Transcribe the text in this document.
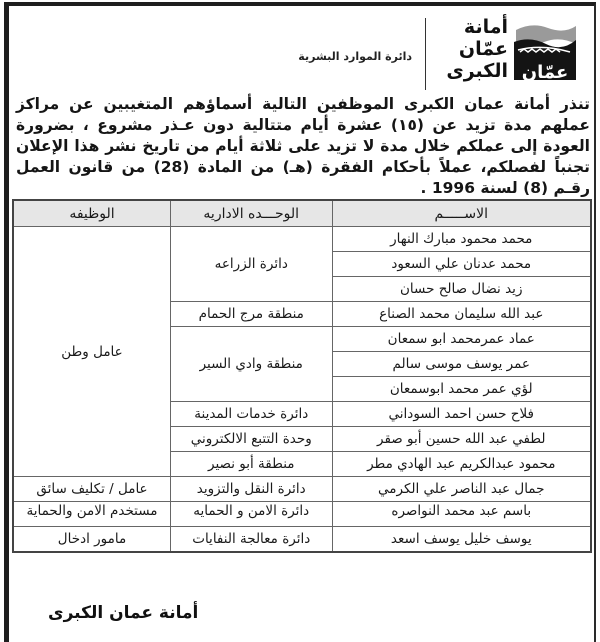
عمّان
أمانة
عمّان
الكبرى
دائرة الموارد البشرية
تنذر أمانة عمان الكبرى الموظفين التالية أسماؤهم المتغيبين عن مراكز عملهم مدة تزيد عن (١٥) عشرة أيام متتالية دون عـذر مشروع ، بضرورة العودة إلى عملكم خلال مدة لا تزيد على ثلاثة أيام من تاريخ نشر هذا الإعلان تجنباً لفصلكم، عملاً بأحكام الفقرة (هـ) من المادة (28) من قانون العمل رقـم (8) لسنة 1996 .
الاســـــم	الوحـــده الاداريه	الوظيفه
محمد محمود مبارك النهار	دائرة الزراعه	عامل وطن
محمد عدنان علي السعود		
زيد نضال صالح حسان		
عبد الله سليمان محمد الصناع	منطقة مرج الحمام	
عماد عمرمحمد ابو سمعان	منطقة وادي السير	
عمر يوسف موسى سالم		
لؤي عمر محمد ابوسمعان		
فلاح حسن احمد السوداني	دائرة خدمات المدينة	
لطفي عبد الله حسين أبو صقر	وحدة التتبع الالكتروني	
محمود عبدالكريم عبد الهادي مطر	منطقة أبو نصير	
جمال عبد الناصر علي الكرمي	دائرة النقل والتزويد	عامل / تكليف سائق
باسم عبد محمد النواصره	دائرة الامن و الحمايه	مستخدم الامن والحماية
يوسف خليل يوسف اسعد	دائرة معالجة النفايات	مامور ادخال
أمانة عمان الكبرى
